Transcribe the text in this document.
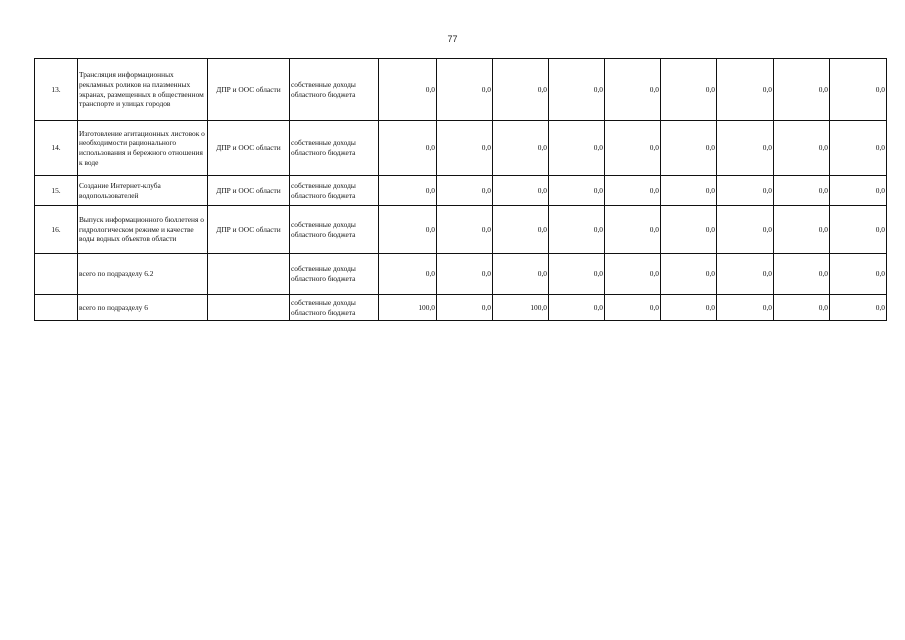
77
13.	Трансляция информационных рекламных роликов на плазменных экранах, размещенных в общественном транспорте и улицах городов	ДПР и ООС области	собственные доходы областного бюджета	0,0	0,0	0,0	0,0	0,0	0,0	0,0	0,0	0,0
14.	Изготовление агитационных листовок о необходимости рационального использования и бережного отношения к воде	ДПР и ООС области	собственные доходы областного бюджета	0,0	0,0	0,0	0,0	0,0	0,0	0,0	0,0	0,0
15.	Создание Интернет-клуба водопользователей	ДПР и ООС области	собственные доходы областного бюджета	0,0	0,0	0,0	0,0	0,0	0,0	0,0	0,0	0,0
16.	Выпуск информационного бюллетеня о гидрологическом режиме и качестве воды водных объектов области	ДПР и ООС области	собственные доходы областного бюджета	0,0	0,0	0,0	0,0	0,0	0,0	0,0	0,0	0,0
	всего по подразделу 6.2		собственные доходы областного бюджета	0,0	0,0	0,0	0,0	0,0	0,0	0,0	0,0	0,0
	всего по подразделу 6		собственные доходы областного бюджета	100,0	0,0	100,0	0,0	0,0	0,0	0,0	0,0	0,0
